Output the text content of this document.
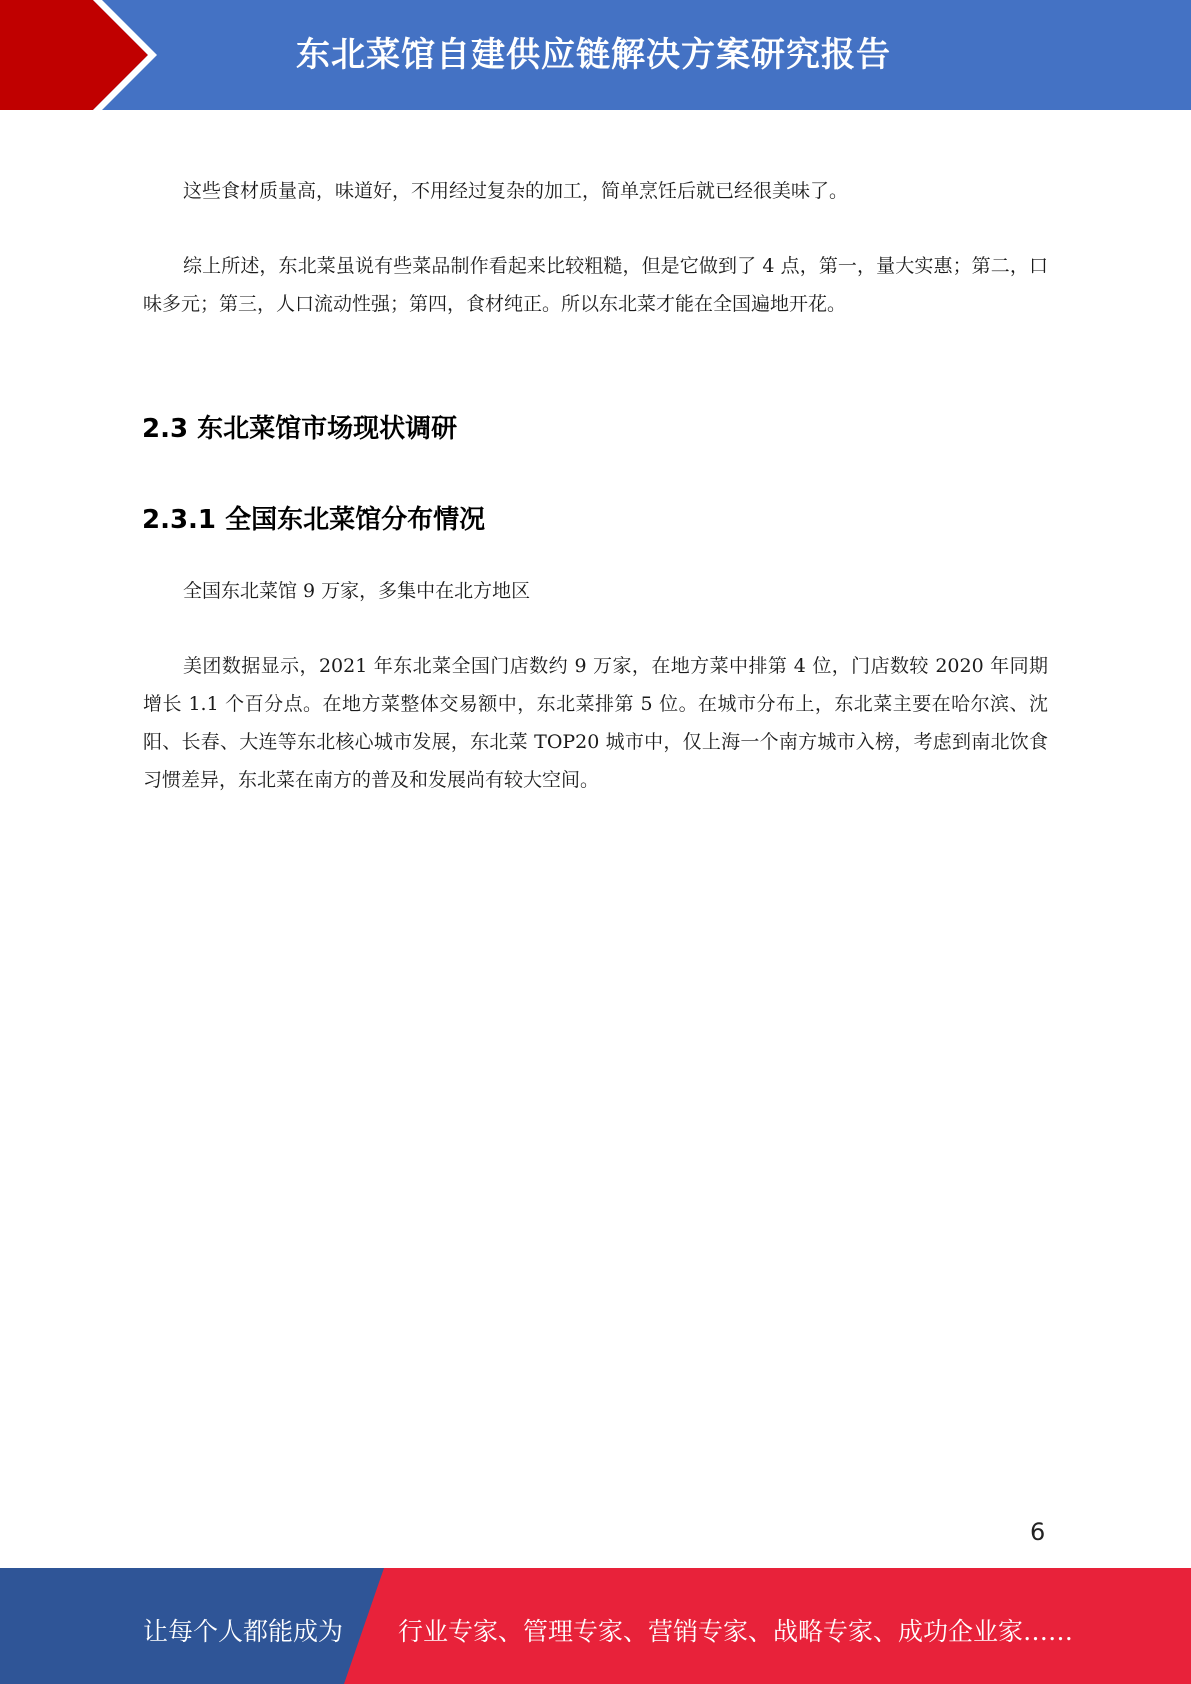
东北菜馆自建供应链解决方案研究报告

这些食材质量高，味道好，不用经过复杂的加工，简单烹饪后就已经很美味了。

综上所述，东北菜虽说有些菜品制作看起来比较粗糙，但是它做到了 4 点，第一，量大实惠；第二，口味多元；第三，人口流动性强；第四，食材纯正。所以东北菜才能在全国遍地开花。

2.3 东北菜馆市场现状调研
2.3.1 全国东北菜馆分布情况

全国东北菜馆 9 万家，多集中在北方地区

美团数据显示，2021 年东北菜全国门店数约 9 万家，在地方菜中排第 4 位，门店数较 2020 年同期增长 1.1 个百分点。在地方菜整体交易额中，东北菜排第 5 位。在城市分布上，东北菜主要在哈尔滨、沈阳、长春、大连等东北核心城市发展，东北菜 TOP20 城市中，仅上海一个南方城市入榜，考虑到南北饮食习惯差异，东北菜在南方的普及和发展尚有较大空间。

6
让每个人都能成为 行业专家、管理专家、营销专家、战略专家、成功企业家……
